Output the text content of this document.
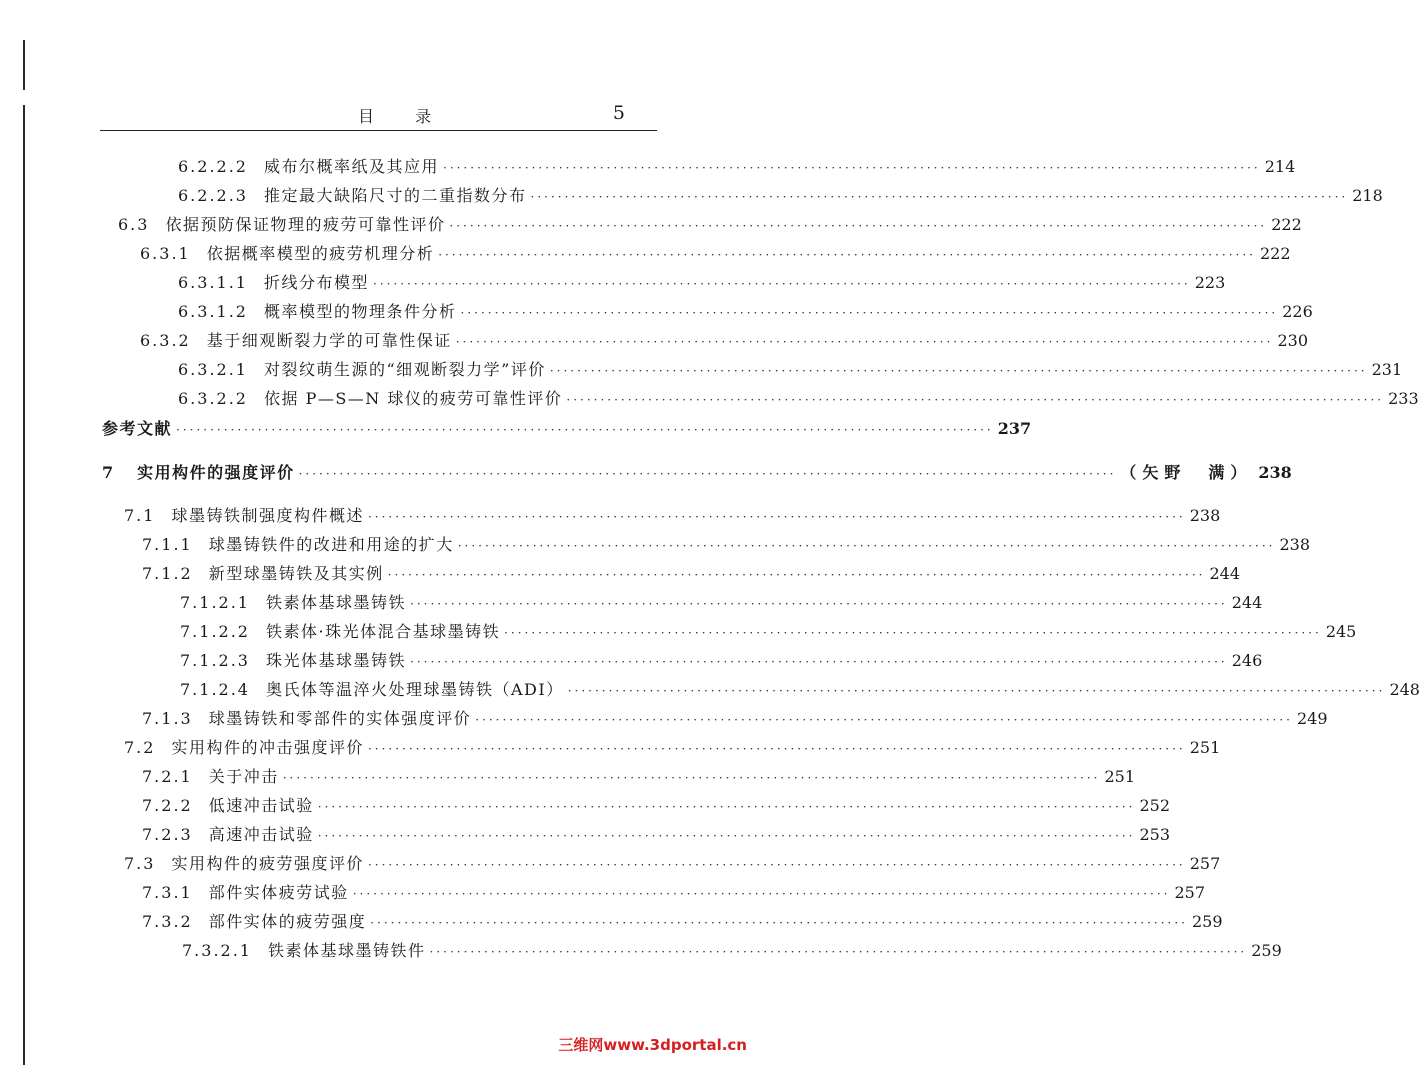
目 录	5
6.2.2.2 威布尔概率纸及其应用 ························································································································ 214
6.2.2.3 推定最大缺陷尺寸的二重指数分布 ························································································································ 218
6.3 依据预防保证物理的疲劳可靠性评价 ························································································································ 222
6.3.1 依据概率模型的疲劳机理分析 ························································································································ 222
6.3.1.1 折线分布模型 ························································································································ 223
6.3.1.2 概率模型的物理条件分析 ························································································································ 226
6.3.2 基于细观断裂力学的可靠性保证 ························································································································ 230
6.3.2.1 对裂纹萌生源的“细观断裂力学”评价 ························································································································ 231
6.3.2.2 依据 P—S—N 球仪的疲劳可靠性评价 ························································································································ 233
参考文献 ························································································································ 237
7 实用构件的强度评价 ························································································································ （矢野　满） 238
7.1 球墨铸铁制强度构件概述 ························································································································ 238
7.1.1 球墨铸铁件的改进和用途的扩大 ························································································································ 238
7.1.2 新型球墨铸铁及其实例 ························································································································ 244
7.1.2.1 铁素体基球墨铸铁 ························································································································ 244
7.1.2.2 铁素体·珠光体混合基球墨铸铁 ························································································································ 245
7.1.2.3 珠光体基球墨铸铁 ························································································································ 246
7.1.2.4 奥氏体等温淬火处理球墨铸铁（ADI） ························································································································ 248
7.1.3 球墨铸铁和零部件的实体强度评价 ························································································································ 249
7.2 实用构件的冲击强度评价 ························································································································ 251
7.2.1 关于冲击 ························································································································ 251
7.2.2 低速冲击试验 ························································································································ 252
7.2.3 高速冲击试验 ························································································································ 253
7.3 实用构件的疲劳强度评价 ························································································································ 257
7.3.1 部件实体疲劳试验 ························································································································ 257
7.3.2 部件实体的疲劳强度 ························································································································ 259
7.3.2.1 铁素体基球墨铸铁件 ························································································································ 259
三维网www.3dportal.cn
